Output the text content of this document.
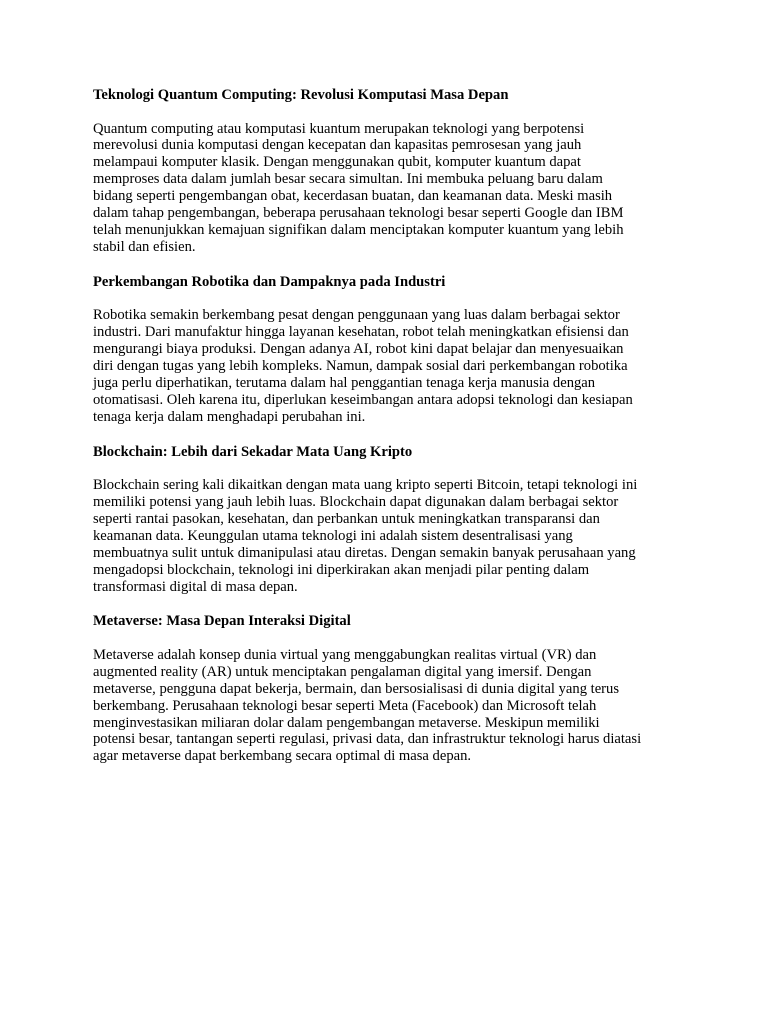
Teknologi Quantum Computing: Revolusi Komputasi Masa Depan
Quantum computing atau komputasi kuantum merupakan teknologi yang berpotensi
merevolusi dunia komputasi dengan kecepatan dan kapasitas pemrosesan yang jauh
melampaui komputer klasik. Dengan menggunakan qubit, komputer kuantum dapat
memproses data dalam jumlah besar secara simultan. Ini membuka peluang baru dalam
bidang seperti pengembangan obat, kecerdasan buatan, dan keamanan data. Meski masih
dalam tahap pengembangan, beberapa perusahaan teknologi besar seperti Google dan IBM
telah menunjukkan kemajuan signifikan dalam menciptakan komputer kuantum yang lebih
stabil dan efisien.
Perkembangan Robotika dan Dampaknya pada Industri
Robotika semakin berkembang pesat dengan penggunaan yang luas dalam berbagai sektor
industri. Dari manufaktur hingga layanan kesehatan, robot telah meningkatkan efisiensi dan
mengurangi biaya produksi. Dengan adanya AI, robot kini dapat belajar dan menyesuaikan
diri dengan tugas yang lebih kompleks. Namun, dampak sosial dari perkembangan robotika
juga perlu diperhatikan, terutama dalam hal penggantian tenaga kerja manusia dengan
otomatisasi. Oleh karena itu, diperlukan keseimbangan antara adopsi teknologi dan kesiapan
tenaga kerja dalam menghadapi perubahan ini.
Blockchain: Lebih dari Sekadar Mata Uang Kripto
Blockchain sering kali dikaitkan dengan mata uang kripto seperti Bitcoin, tetapi teknologi ini
memiliki potensi yang jauh lebih luas. Blockchain dapat digunakan dalam berbagai sektor
seperti rantai pasokan, kesehatan, dan perbankan untuk meningkatkan transparansi dan
keamanan data. Keunggulan utama teknologi ini adalah sistem desentralisasi yang
membuatnya sulit untuk dimanipulasi atau diretas. Dengan semakin banyak perusahaan yang
mengadopsi blockchain, teknologi ini diperkirakan akan menjadi pilar penting dalam
transformasi digital di masa depan.
Metaverse: Masa Depan Interaksi Digital
Metaverse adalah konsep dunia virtual yang menggabungkan realitas virtual (VR) dan
augmented reality (AR) untuk menciptakan pengalaman digital yang imersif. Dengan
metaverse, pengguna dapat bekerja, bermain, dan bersosialisasi di dunia digital yang terus
berkembang. Perusahaan teknologi besar seperti Meta (Facebook) dan Microsoft telah
menginvestasikan miliaran dolar dalam pengembangan metaverse. Meskipun memiliki
potensi besar, tantangan seperti regulasi, privasi data, dan infrastruktur teknologi harus diatasi
agar metaverse dapat berkembang secara optimal di masa depan.
